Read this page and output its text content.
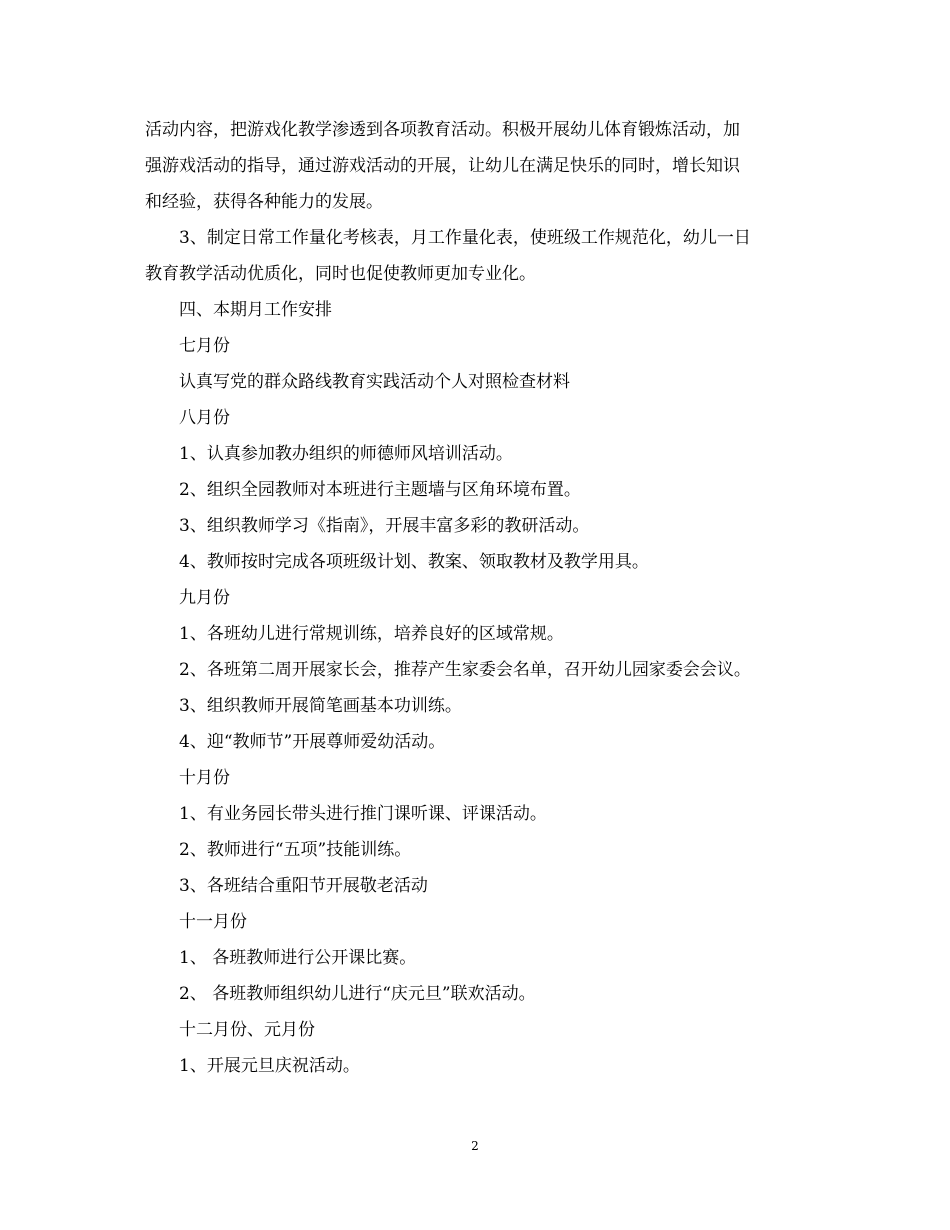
活动内容，把游戏化教学渗透到各项教育活动。积极开展幼儿体育锻炼活动，加

强游戏活动的指导，通过游戏活动的开展，让幼儿在满足快乐的同时，增长知识

和经验，获得各种能力的发展。

3、制定日常工作量化考核表，月工作量化表，使班级工作规范化，幼儿一日

教育教学活动优质化，同时也促使教师更加专业化。

四、本期月工作安排

七月份

认真写党的群众路线教育实践活动个人对照检查材料

八月份

1、认真参加教办组织的师德师风培训活动。

2、组织全园教师对本班进行主题墙与区角环境布置。

3、组织教师学习《指南》，开展丰富多彩的教研活动。

4、教师按时完成各项班级计划、教案、领取教材及教学用具。

九月份

1、各班幼儿进行常规训练，培养良好的区域常规。

2、各班第二周开展家长会，推荐产生家委会名单，召开幼儿园家委会会议。

3、组织教师开展简笔画基本功训练。

4、迎“教师节”开展尊师爱幼活动。

十月份

1、有业务园长带头进行推门课听课、评课活动。

2、教师进行“五项”技能训练。

3、各班结合重阳节开展敬老活动

十一月份

1、 各班教师进行公开课比赛。

2、 各班教师组织幼儿进行“庆元旦”联欢活动。

十二月份、元月份

1、开展元旦庆祝活动。

2
